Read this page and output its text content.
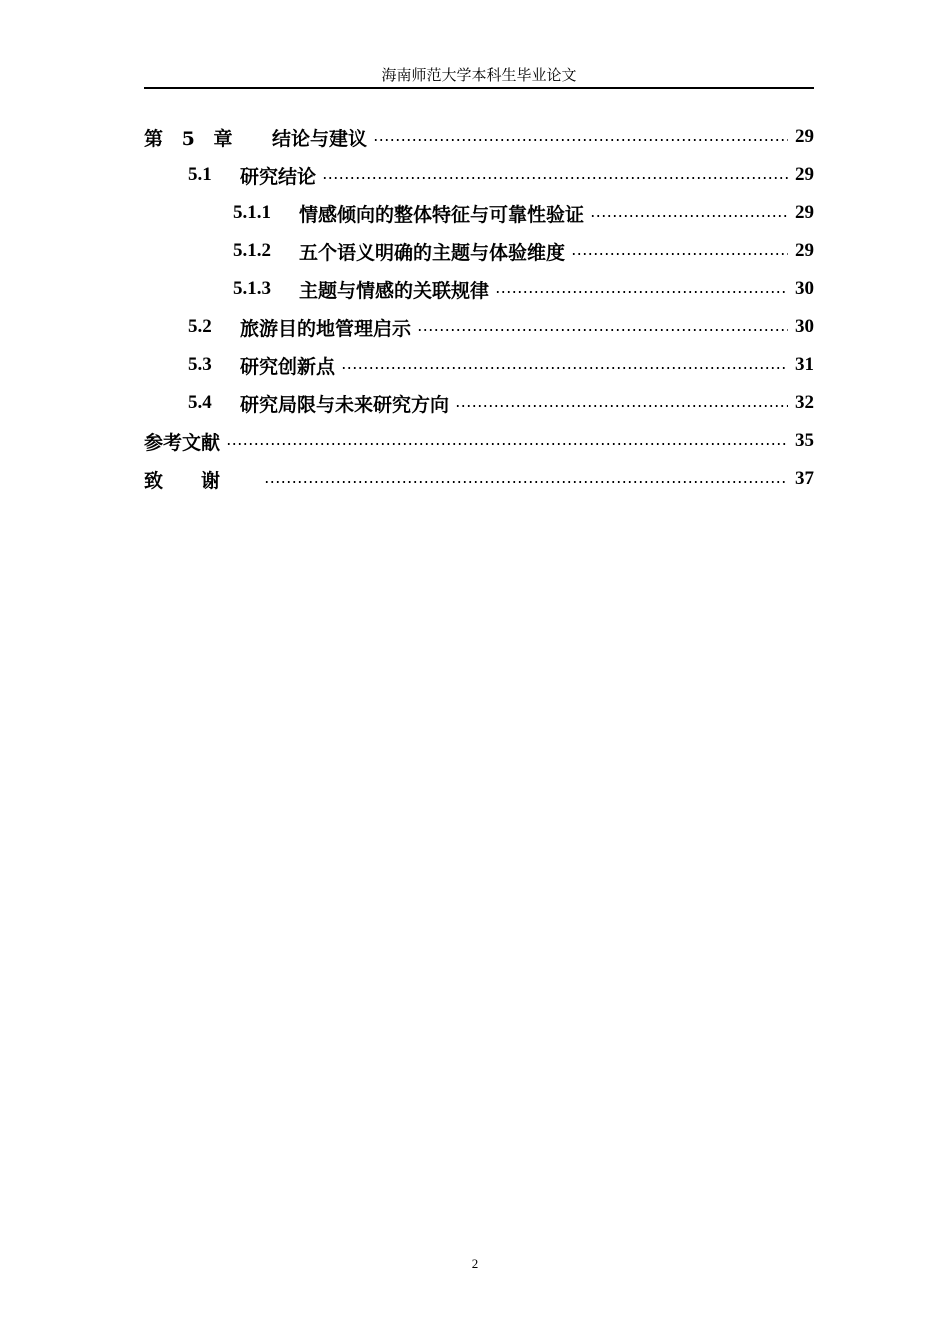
海南师范大学本科生毕业论文
第 5 章	结论与建议	29
5.1	研究结论	29
5.1.1	情感倾向的整体特征与可靠性验证	29
5.1.2	五个语义明确的主题与体验维度	29
5.1.3	主题与情感的关联规律	30
5.2	旅游目的地管理启示	30
5.3	研究创新点	31
5.4	研究局限与未来研究方向	32
参考文献	35
致谢	37
2
